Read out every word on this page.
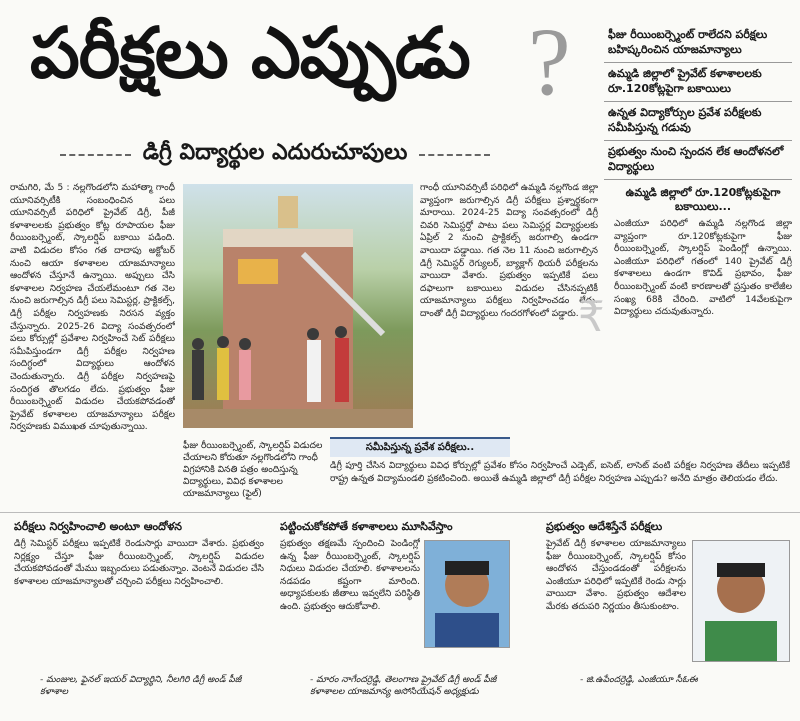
పరీక్షలు ఎప్పుడు ?
డిగ్రీ విద్యార్థుల ఎదురుచూపులు
ఫీజు రీయింబర్స్మెంట్ రాలేదని పరీక్షలు బహిష్కరించిన యాజమాన్యాలు
ఉమ్మడి జిల్లాలో ప్రైవేట్ కళాశాలలకు రూ.120కోట్లపైగా బకాయిలు
ఉన్నత విద్యాకోర్సుల ప్రవేశ పరీక్షలకు సమీపిస్తున్న గడువు
ప్రభుత్వం నుంచి స్పందన లేక ఆందోళనలో విద్యార్థులు
రామగిరి, మే 5 : నల్లగొండలోని మహాత్మా గాంధీ యూనివర్సిటీకి సంబంధించిన పలు యూనివర్సిటీ పరిధిలో ప్రైవేట్ డిగ్రీ, పీజీ కళాశాలలకు ప్రభుత్వం కోట్ల రూపాయల ఫీజు రీయింబర్స్మెంట్, స్కాలర్షిప్ బకాయి పడింది. వాటి విడుదల కోసం గత దాదాపు అక్టోబర్ నుంచి ఆయా కళాశాలల యాజమాన్యాలు ఆందోళన చేస్తూనే ఉన్నాయి. అప్పులు చేసి కళాశాలల నిర్వహణ చేయలేమంటూ గత నెల నుంచి జరుగాల్సిన డిగ్రీ పలు సెమిస్టర్ల, ప్రాక్టికల్స్, డిగ్రీ పరీక్షల నిర్వహణకు నిరసన వ్యక్తం చేస్తున్నారు. 2025-26 విద్యా సంవత్సరంలో పలు కోర్సుల్లో ప్రవేశాల నిర్వహించే సెట్ పరీక్షలు సమీపిస్తుండగా డిగ్రీ పరీక్షల నిర్వహణ సందిగ్ధంలో విద్యార్థులు ఆందోళన చెందుతున్నారు. డిగ్రీ పరీక్షల నిర్వహణపై సందిగ్ధత తొలగడం లేదు. ప్రభుత్వం ఫీజు రీయింబర్స్మెంట్ విడుదల చేయకపోవడంతో ప్రైవేట్ కళాశాలల యాజమాన్యాలు పరీక్షల నిర్వహణకు విముఖత చూపుతున్నాయి.
గాంధీ యూనివర్సిటీ పరిధిలో ఉమ్మడి నల్లగొండ జిల్లా వ్యాప్తంగా జరుగాల్సిన డిగ్రీ పరీక్షలు ప్రశ్నార్థకంగా మారాయి. 2024-25 విద్యా సంవత్సరంలో డిగ్రీ చివరి సెమిస్టర్తో పాటు పలు సెమిస్టర్ల విద్యార్థులకు ఏప్రిల్ 2 నుంచి ప్రాక్టికల్స్ జరుగాల్సి ఉండగా వాయిదా పడ్డాయి. గత నెల 11 నుంచి జరుగాల్సిన డిగ్రీ సెమిస్టర్ రెగ్యులర్, బ్యాక్లాగ్ థియరీ పరీక్షలను వాయిదా వేశారు. ప్రభుత్వం ఇప్పటికే పలు దఫాలుగా బకాయిలు విడుదల చేసినప్పటికీ యాజమాన్యాలు పరీక్షలు నిర్వహించడం లేదు. దాంతో డిగ్రీ విద్యార్థులు గందరగోళంలో పడ్డారు.
ఉమ్మడి జిల్లాలో రూ.120కోట్లకుపైగా బకాయిలు...
₹
ఎంజీయూ పరిధిలో ఉమ్మడి నల్లగొండ జిల్లా వ్యాప్తంగా రూ.120కోట్లకుపైగా ఫీజు రీయింబర్స్మెంట్, స్కాలర్షిప్ పెండింగ్లో ఉన్నాయి. ఎంజీయూ పరిధిలో గతంలో 140 ప్రైవేట్ డిగ్రీ కళాశాలలు ఉండగా కొవిడ్ ప్రభావం, ఫీజు రీయింబర్స్మెంట్ వంటి కారణాలతో ప్రస్తుతం కాలేజీల సంఖ్య 68కి చేరింది. వాటిలో 14వేలకుపైగా విద్యార్థులు చదువుతున్నారు.
ఫీజు రీయింబర్స్మెంట్, స్కాలర్షిప్ విడుదల చేయాలని కోరుతూ నల్లగొండలోని గాంధీ విగ్రహానికి వినతి పత్రం అందిస్తున్న విద్యార్థులు, వివిధ కళాశాలల యాజమాన్యాలు (ఫైల్)
సమీపిస్తున్న ప్రవేశ పరీక్షలు..
డిగ్రీ పూర్తి చేసిన విద్యార్థులు వివిధ కోర్సుల్లో ప్రవేశం కోసం నిర్వహించే ఎడ్సెట్, ఐసెట్, లాసెట్ వంటి పరీక్షల నిర్వహణ తేదీలు ఇప్పటికే రాష్ట్ర ఉన్నత విద్యామండలి ప్రకటించింది. అయితే ఉమ్మడి జిల్లాలో డిగ్రీ పరీక్షల నిర్వహణ ఎప్పుడు? అనేది మాత్రం తెలియడం లేదు.
పరీక్షలు నిర్వహించాలి అంటూ ఆందోళన
డిగ్రీ సెమిస్టర్ పరీక్షలు ఇప్పటికే రెండుసార్లు వాయిదా వేశారు. ప్రభుత్వం నిర్లక్ష్యం చేస్తూ ఫీజు రీయింబర్స్మెంట్, స్కాలర్షిప్ విడుదల చేయకపోవడంతో మేము ఇబ్బందులు పడుతున్నాం. వెంటనే విడుదల చేసి కళాశాలల యాజమాన్యాలతో చర్చించి పరీక్షలు నిర్వహించాలి.
- మంజుల, ఫైనల్ ఇయర్ విద్యార్థిని, నీలగిరి డిగ్రీ అండ్ పీజీ కళాశాల
పట్టించుకోకపోతే కళాశాలలు మూసివేస్తాం
ప్రభుత్వం తక్షణమే స్పందించి పెండింగ్లో ఉన్న ఫీజు రీయింబర్స్మెంట్, స్కాలర్షిప్ నిధులు విడుదల చేయాలి. కళాశాలలను నడపడం కష్టంగా మారింది. అధ్యాపకులకు జీతాలు ఇవ్వలేని పరిస్థితి ఉంది. ప్రభుత్వం ఆదుకోవాలి.
- మారం నాగేందర్రెడ్డి, తెలంగాణ ప్రైవేట్ డిగ్రీ అండ్ పీజీ కళాశాలల యాజమాన్య అసోసియేషన్ అధ్యక్షుడు
ప్రభుత్వం ఆదేశిస్తేనే పరీక్షలు
ప్రైవేట్ డిగ్రీ కళాశాలల యాజమాన్యాలు ఫీజు రీయింబర్స్మెంట్, స్కాలర్షిప్ కోసం ఆందోళన చేస్తుండడంతో పరీక్షలను ఎంజీయూ పరిధిలో ఇప్పటికే రెండు సార్లు వాయిదా వేశాం. ప్రభుత్వం ఆదేశాల మేరకు తదుపరి నిర్ణయం తీసుకుంటాం.
- జి.ఉపేందర్రెడ్డి, ఎంజీయూ సీఓఈ
